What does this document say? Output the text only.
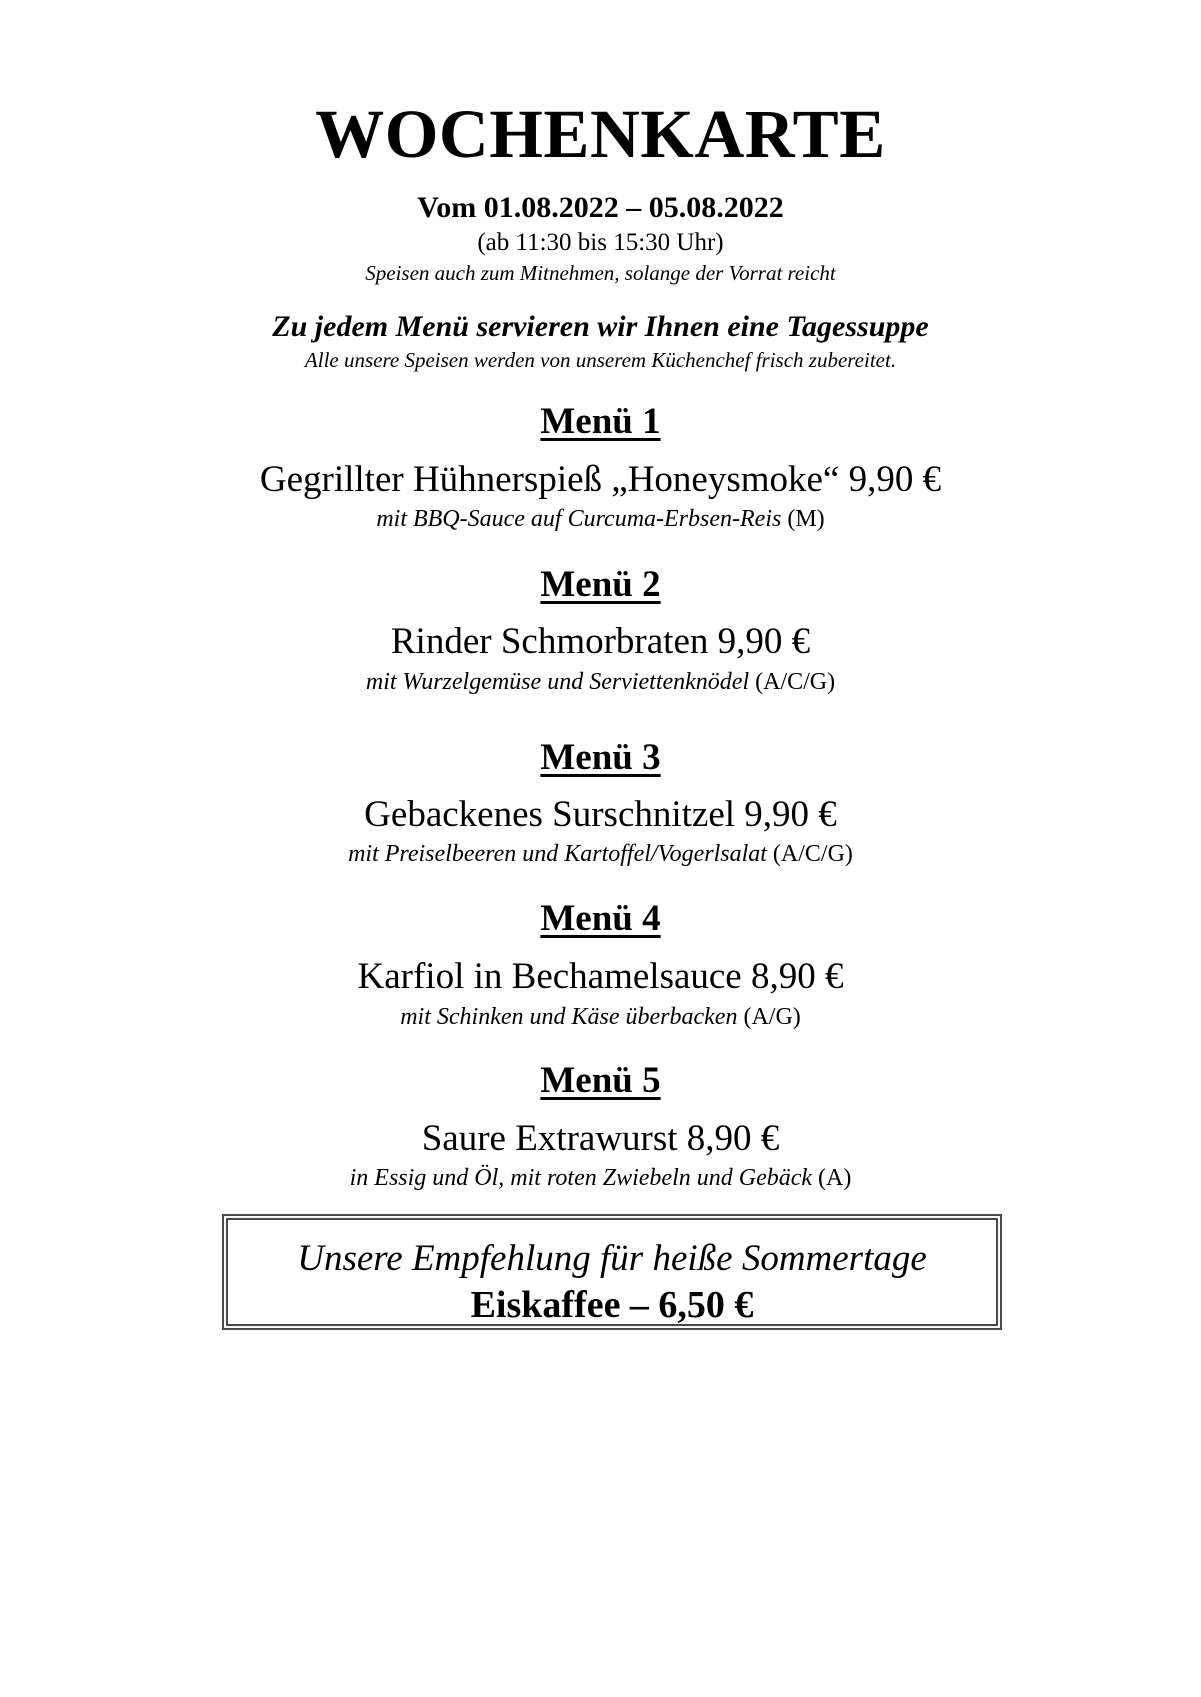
WOCHENKARTE
Vom 01.08.2022 – 05.08.2022
(ab 11:30 bis 15:30 Uhr)
Speisen auch zum Mitnehmen, solange der Vorrat reicht
Zu jedem Menü servieren wir Ihnen eine Tagessuppe
Alle unsere Speisen werden von unserem Küchenchef frisch zubereitet.
Menü 1
Gegrillter Hühnerspieß „Honeysmoke“ 9,90 €
mit BBQ-Sauce auf Curcuma-Erbsen-Reis (M)
Menü 2
Rinder Schmorbraten 9,90 €
mit Wurzelgemüse und Serviettenknödel (A/C/G)
Menü 3
Gebackenes Surschnitzel 9,90 €
mit Preiselbeeren und Kartoffel/Vogerlsalat (A/C/G)
Menü 4
Karfiol in Bechamelsauce 8,90 €
mit Schinken und Käse überbacken (A/G)
Menü 5
Saure Extrawurst 8,90 €
in Essig und Öl, mit roten Zwiebeln und Gebäck (A)
Unsere Empfehlung für heiße Sommertage
Eiskaffee – 6,50 €
